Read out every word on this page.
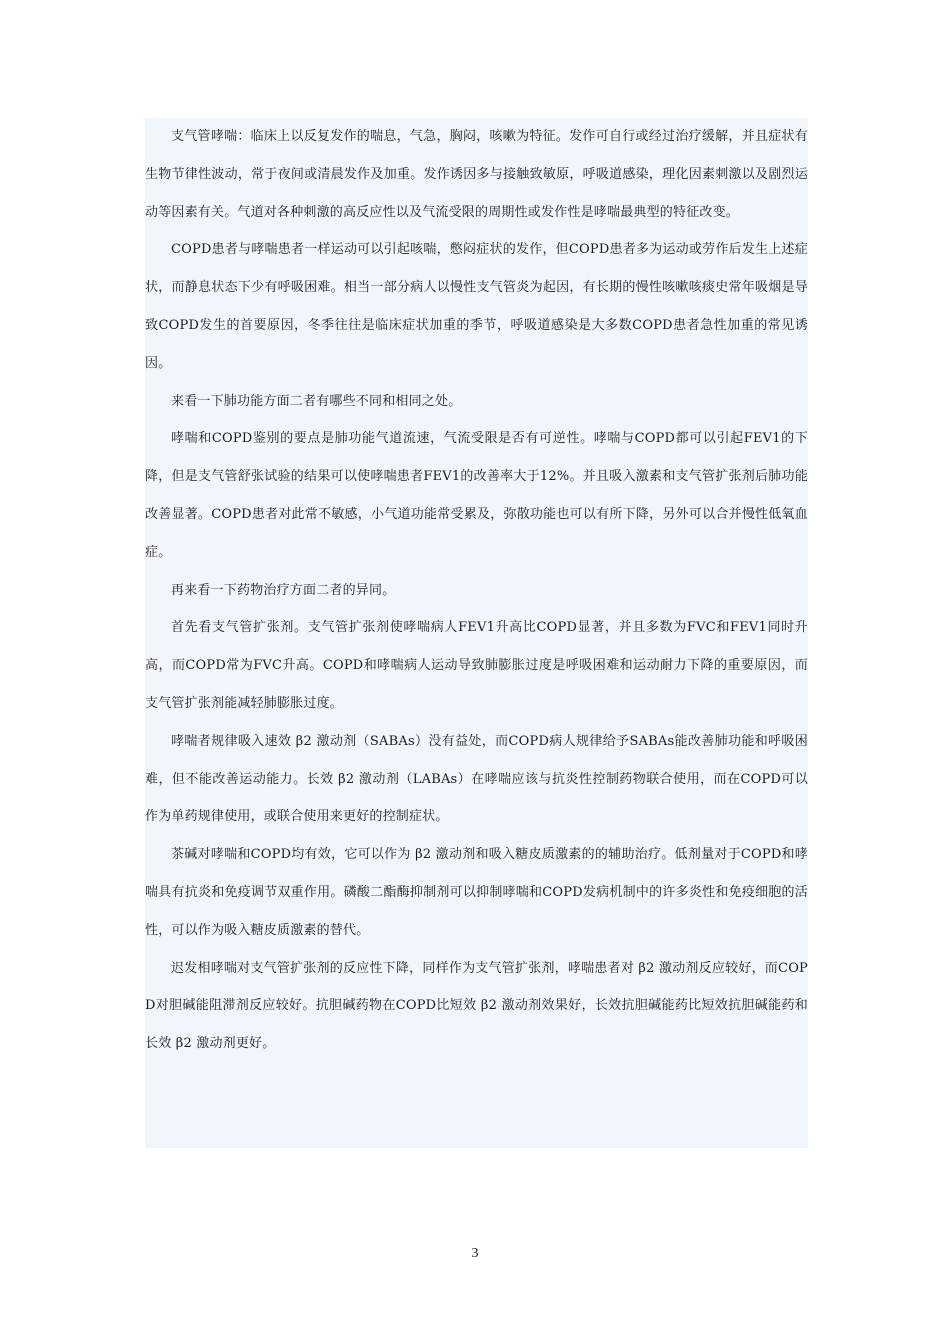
支气管哮喘：临床上以反复发作的喘息，气急，胸闷，咳嗽为特征。发作可自行或经过治疗缓解，并且症状有生物节律性波动，常于夜间或清晨发作及加重。发作诱因多与接触致敏原，呼吸道感染，理化因素刺激以及剧烈运动等因素有关。气道对各种刺激的高反应性以及气流受限的周期性或发作性是哮喘最典型的特征改变。

COPD患者与哮喘患者一样运动可以引起咳喘，憋闷症状的发作，但COPD患者多为运动或劳作后发生上述症状，而静息状态下少有呼吸困难。相当一部分病人以慢性支气管炎为起因，有长期的慢性咳嗽咳痰史常年吸烟是导致COPD发生的首要原因，冬季往往是临床症状加重的季节，呼吸道感染是大多数COPD患者急性加重的常见诱因。

来看一下肺功能方面二者有哪些不同和相同之处。

哮喘和COPD鉴别的要点是肺功能气道流速，气流受限是否有可逆性。哮喘与COPD都可以引起FEV1的下降，但是支气管舒张试验的结果可以使哮喘患者FEV1的改善率大于12%。并且吸入激素和支气管扩张剂后肺功能改善显著。COPD患者对此常不敏感，小气道功能常受累及，弥散功能也可以有所下降，另外可以合并慢性低氧血症。

再来看一下药物治疗方面二者的异同。

首先看支气管扩张剂。支气管扩张剂使哮喘病人FEV1升高比COPD显著，并且多数为FVC和FEV1同时升高，而COPD常为FVC升高。COPD和哮喘病人运动导致肺膨胀过度是呼吸困难和运动耐力下降的重要原因，而支气管扩张剂能减轻肺膨胀过度。

哮喘者规律吸入速效 β2 激动剂（SABAs）没有益处，而COPD病人规律给予SABAs能改善肺功能和呼吸困难，但不能改善运动能力。长效 β2 激动剂（LABAs）在哮喘应该与抗炎性控制药物联合使用，而在COPD可以作为单药规律使用，或联合使用来更好的控制症状。

茶碱对哮喘和COPD均有效，它可以作为 β2 激动剂和吸入糖皮质激素的的辅助治疗。低剂量对于COPD和哮喘具有抗炎和免疫调节双重作用。磷酸二酯酶抑制剂可以抑制哮喘和COPD发病机制中的许多炎性和免疫细胞的活性，可以作为吸入糖皮质激素的替代。

迟发相哮喘对支气管扩张剂的反应性下降，同样作为支气管扩张剂，哮喘患者对 β2 激动剂反应较好，而COPD对胆碱能阻滞剂反应较好。抗胆碱药物在COPD比短效 β2 激动剂效果好，长效抗胆碱能药比短效抗胆碱能药和长效 β2 激动剂更好。

3
